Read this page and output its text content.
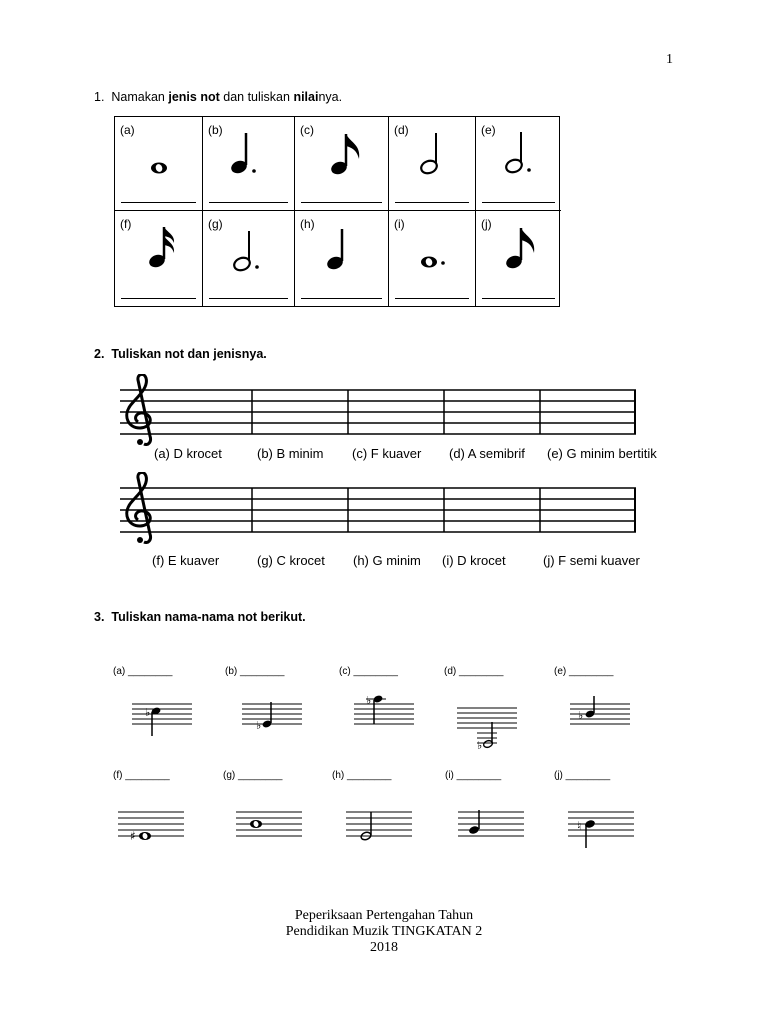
1
1. Namakan jenis not dan tuliskan nilainya.
(a)	(b)	(c)	(d)	(e)
(f)	(g)	(h)	(i)	(j)
2. Tuliskan not dan jenisnya.
(a) D krocet	(b) B minim (c) F kuaver (d) A semibrif (e) G minim bertitik
(f) E kuaver	(g) C krocet (h) G minim (i) D krocet	(j) F semi kuaver
3. Tuliskan nama-nama not berikut.
(a) ________	(b) ________	(c) ________	(d) ________	(e) ________
♭
♭
♭
♭
♭
(f) ________	(g) ________	(h) ________	(i) ________	(j) ________
♯
♮
Peperiksaan Pertengahan Tahun
Pendidikan Muzik TINGKATAN 2
2018
